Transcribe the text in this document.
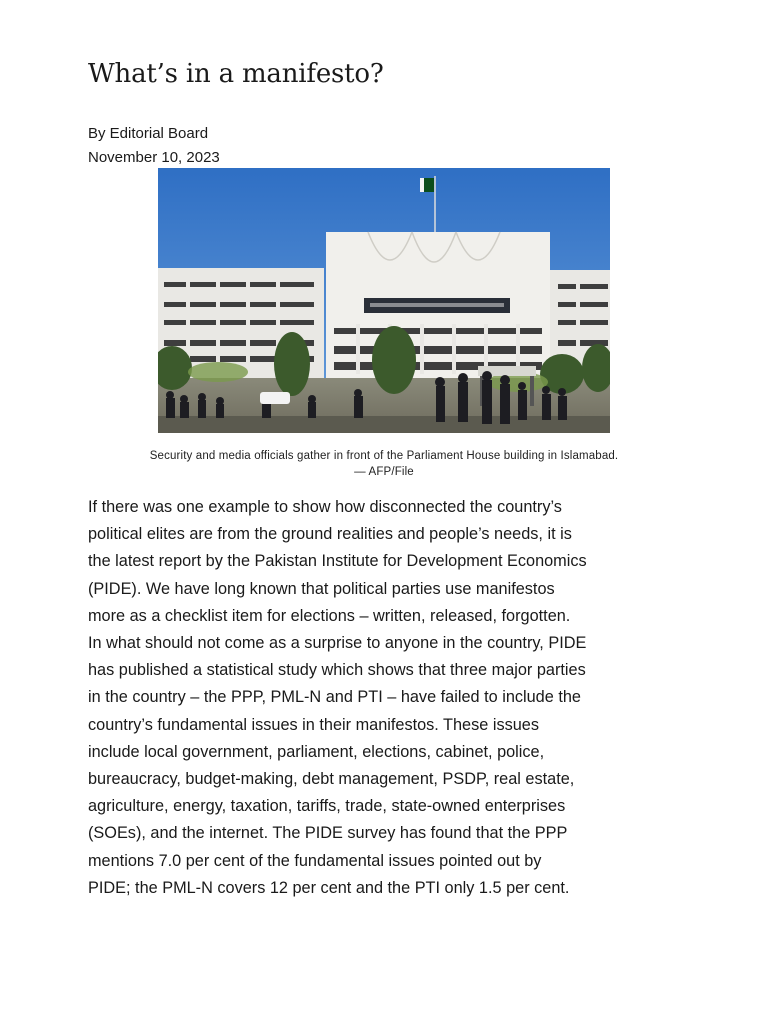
What’s in a manifesto?
By Editorial Board
November 10, 2023
Security and media officials gather in front of the Parliament House building in Islamabad.
— AFP/File

If there was one example to show how disconnected the country’s political elites are from the ground realities and people’s needs, it is the latest report by the Pakistan Institute for Development Economics (PIDE). We have long known that political parties use manifestos more as a checklist item for elections – written, released, forgotten. In what should not come as a surprise to anyone in the country, PIDE has published a statistical study which shows that three major parties in the country – the PPP, PML-N and PTI – have failed to include the country’s fundamental issues in their manifestos. These issues include local government, parliament, elections, cabinet, police, bureaucracy, budget-making, debt management, PSDP, real estate, agriculture, energy, taxation, tariffs, trade, state-owned enterprises (SOEs), and the internet. The PIDE survey has found that the PPP mentions 7.0 per cent of the fundamental issues pointed out by PIDE; the PML-N covers 12 per cent and the PTI only 1.5 per cent.
